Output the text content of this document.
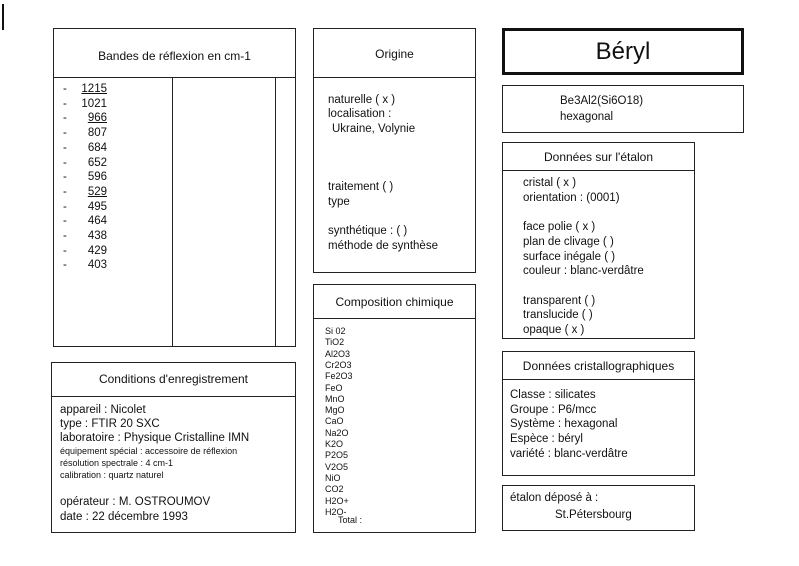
Bandes de réflexion en cm-1
-	1215
-	1021
-	966
-	807
-	684
-	652
-	596
-	529
-	495
-	464
-	438
-	429
-	403
Origine
naturelle ( x )
localisation :
Ukraine, Volynie
traitement ( )
type
synthétique : ( )
méthode de synthèse
Béryl
Be3Al2(Si6O18)
hexagonal
Données sur l'étalon
cristal ( x )
orientation : (0001)
face polie ( x )
plan de clivage ( )
surface inégale ( )
couleur : blanc-verdâtre
transparent ( )
translucide ( )
opaque ( x )
Conditions d'enregistrement
appareil : Nicolet
type : FTIR 20 SXC
laboratoire : Physique Cristalline IMN
équipement spécial : accessoire de réflexion
résolution spectrale : 4 cm-1
calibration : quartz naturel
opérateur : M. OSTROUMOV
date : 22 décembre 1993
Composition chimique
Si 02
TiO2
Al2O3
Cr2O3
Fe2O3
FeO
MnO
MgO
CaO
Na2O
K2O
P2O5
V2O5
NiO
CO2
H2O+
H2O-
Total :
Données cristallographiques
Classe : silicates
Groupe : P6/mcc
Système : hexagonal
Espèce : béryl
variété : blanc-verdâtre
étalon déposé à :
St.Pétersbourg
